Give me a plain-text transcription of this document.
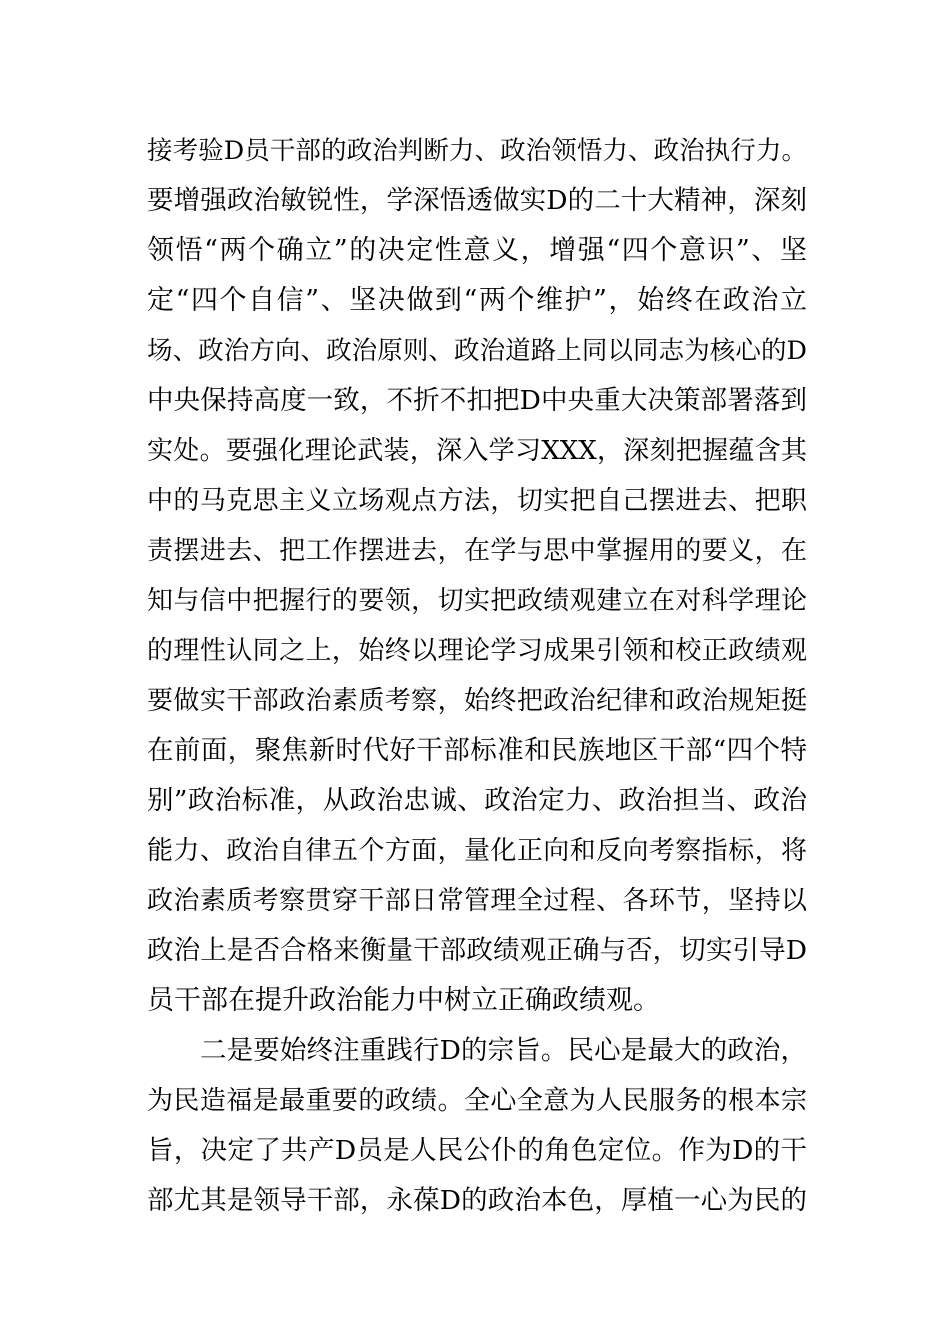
接考验D员干部的政治判断力、政治领悟力、政治执行力。
要增强政治敏锐性，学深悟透做实D的二十大精神，深刻
领悟“两个确立”的决定性意义，增强“四个意识”、坚
定“四个自信”、坚决做到“两个维护”，始终在政治立
场、政治方向、政治原则、政治道路上同以同志为核心的D
中央保持高度一致，不折不扣把D中央重大决策部署落到
实处。要强化理论武装，深入学习XXX，深刻把握蕴含其
中的马克思主义立场观点方法，切实把自己摆进去、把职
责摆进去、把工作摆进去，在学与思中掌握用的要义，在
知与信中把握行的要领，切实把政绩观建立在对科学理论
的理性认同之上，始终以理论学习成果引领和校正政绩观
要做实干部政治素质考察，始终把政治纪律和政治规矩挺
在前面，聚焦新时代好干部标准和民族地区干部“四个特
别”政治标准，从政治忠诚、政治定力、政治担当、政治
能力、政治自律五个方面，量化正向和反向考察指标，将
政治素质考察贯穿干部日常管理全过程、各环节，坚持以
政治上是否合格来衡量干部政绩观正确与否，切实引导D
员干部在提升政治能力中树立正确政绩观。
二是要始终注重践行D的宗旨。民心是最大的政治，
为民造福是最重要的政绩。全心全意为人民服务的根本宗
旨，决定了共产D员是人民公仆的角色定位。作为D的干
部尤其是领导干部，永葆D的政治本色，厚植一心为民的
